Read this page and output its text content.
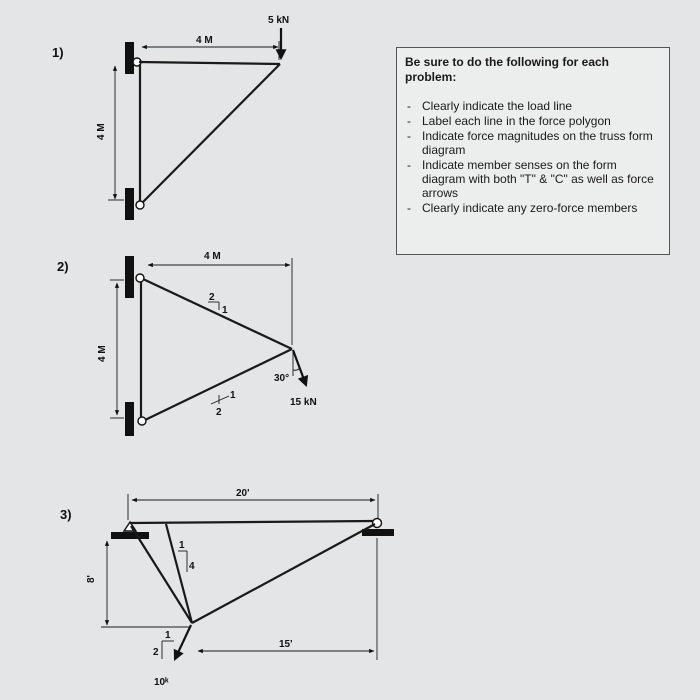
1)
5 kN
4 M
4 M
2)
30°
15 kN
2
1
1
2
4 M
4 M
3)
10ᵏ
1
4
1
2
20'
8'
15'
Be sure to do the following for each problem:
- Clearly indicate the load line
- Label each line in the force polygon
- Indicate force magnitudes on the truss form diagram
- Indicate member senses on the form diagram with both "T" & "C" as well as force arrows
- Clearly indicate any zero-force members
